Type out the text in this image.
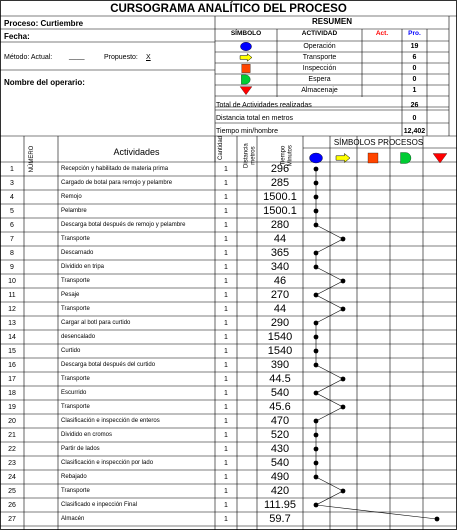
CURSOGRAMA ANALÍTICO DEL PROCESO
Proceso: Curtiembre
Fecha:
Método: Actual: ____	Propuesto: X
Nombre del operario:
RESUMEN
SÍMBOLO	ACTIVIDAD	Act.	Pro.
Operación	19
Transporte	6
Inspección	0
Espera	0
Almacenaje	1
Total de Actividades realizadas	26
Distancia total en metros	0
Tiempo min/hombre	12,402
NÚMERO	Actividades	Cantidad	Distancia metros	Tiempo Minutos
SÍMBOLOS PROCESOS
1	Recepción y habilitado de materia prima	1	296
3	Cargado de botal para remojo y pelambre	1	285
4	Remojo	1	1500.1
5	Pelambre	1	1500.1
6	Descarga botal después de remojo y pelambre	1	280
7	Transporte	1	44
8	Descarnado	1	365
9	Dividido en tripa	1	340
10	Transporte	1	46
11	Pesaje	1	270
12	Transporte	1	44
13	Cargar al botl para curtido	1	290
14	desencalado	1	1540
15	Curtido	1	1540
16	Descarga botal después del curtido	1	390
17	Transporte	1	44.5
18	Escurrido	1	540
19	Transporte	1	45.6
20	Clasificación e inspección de enteros	1	470
21	Dividido en cromos	1	520
22	Partir de lados	1	430
23	Clasificación e inspección por lado	1	540
24	Rebajado	1	490
25	Transporte	1	420
26	Clasificado e inpección Final	1	111.95
27	Almacén	1	59.7
